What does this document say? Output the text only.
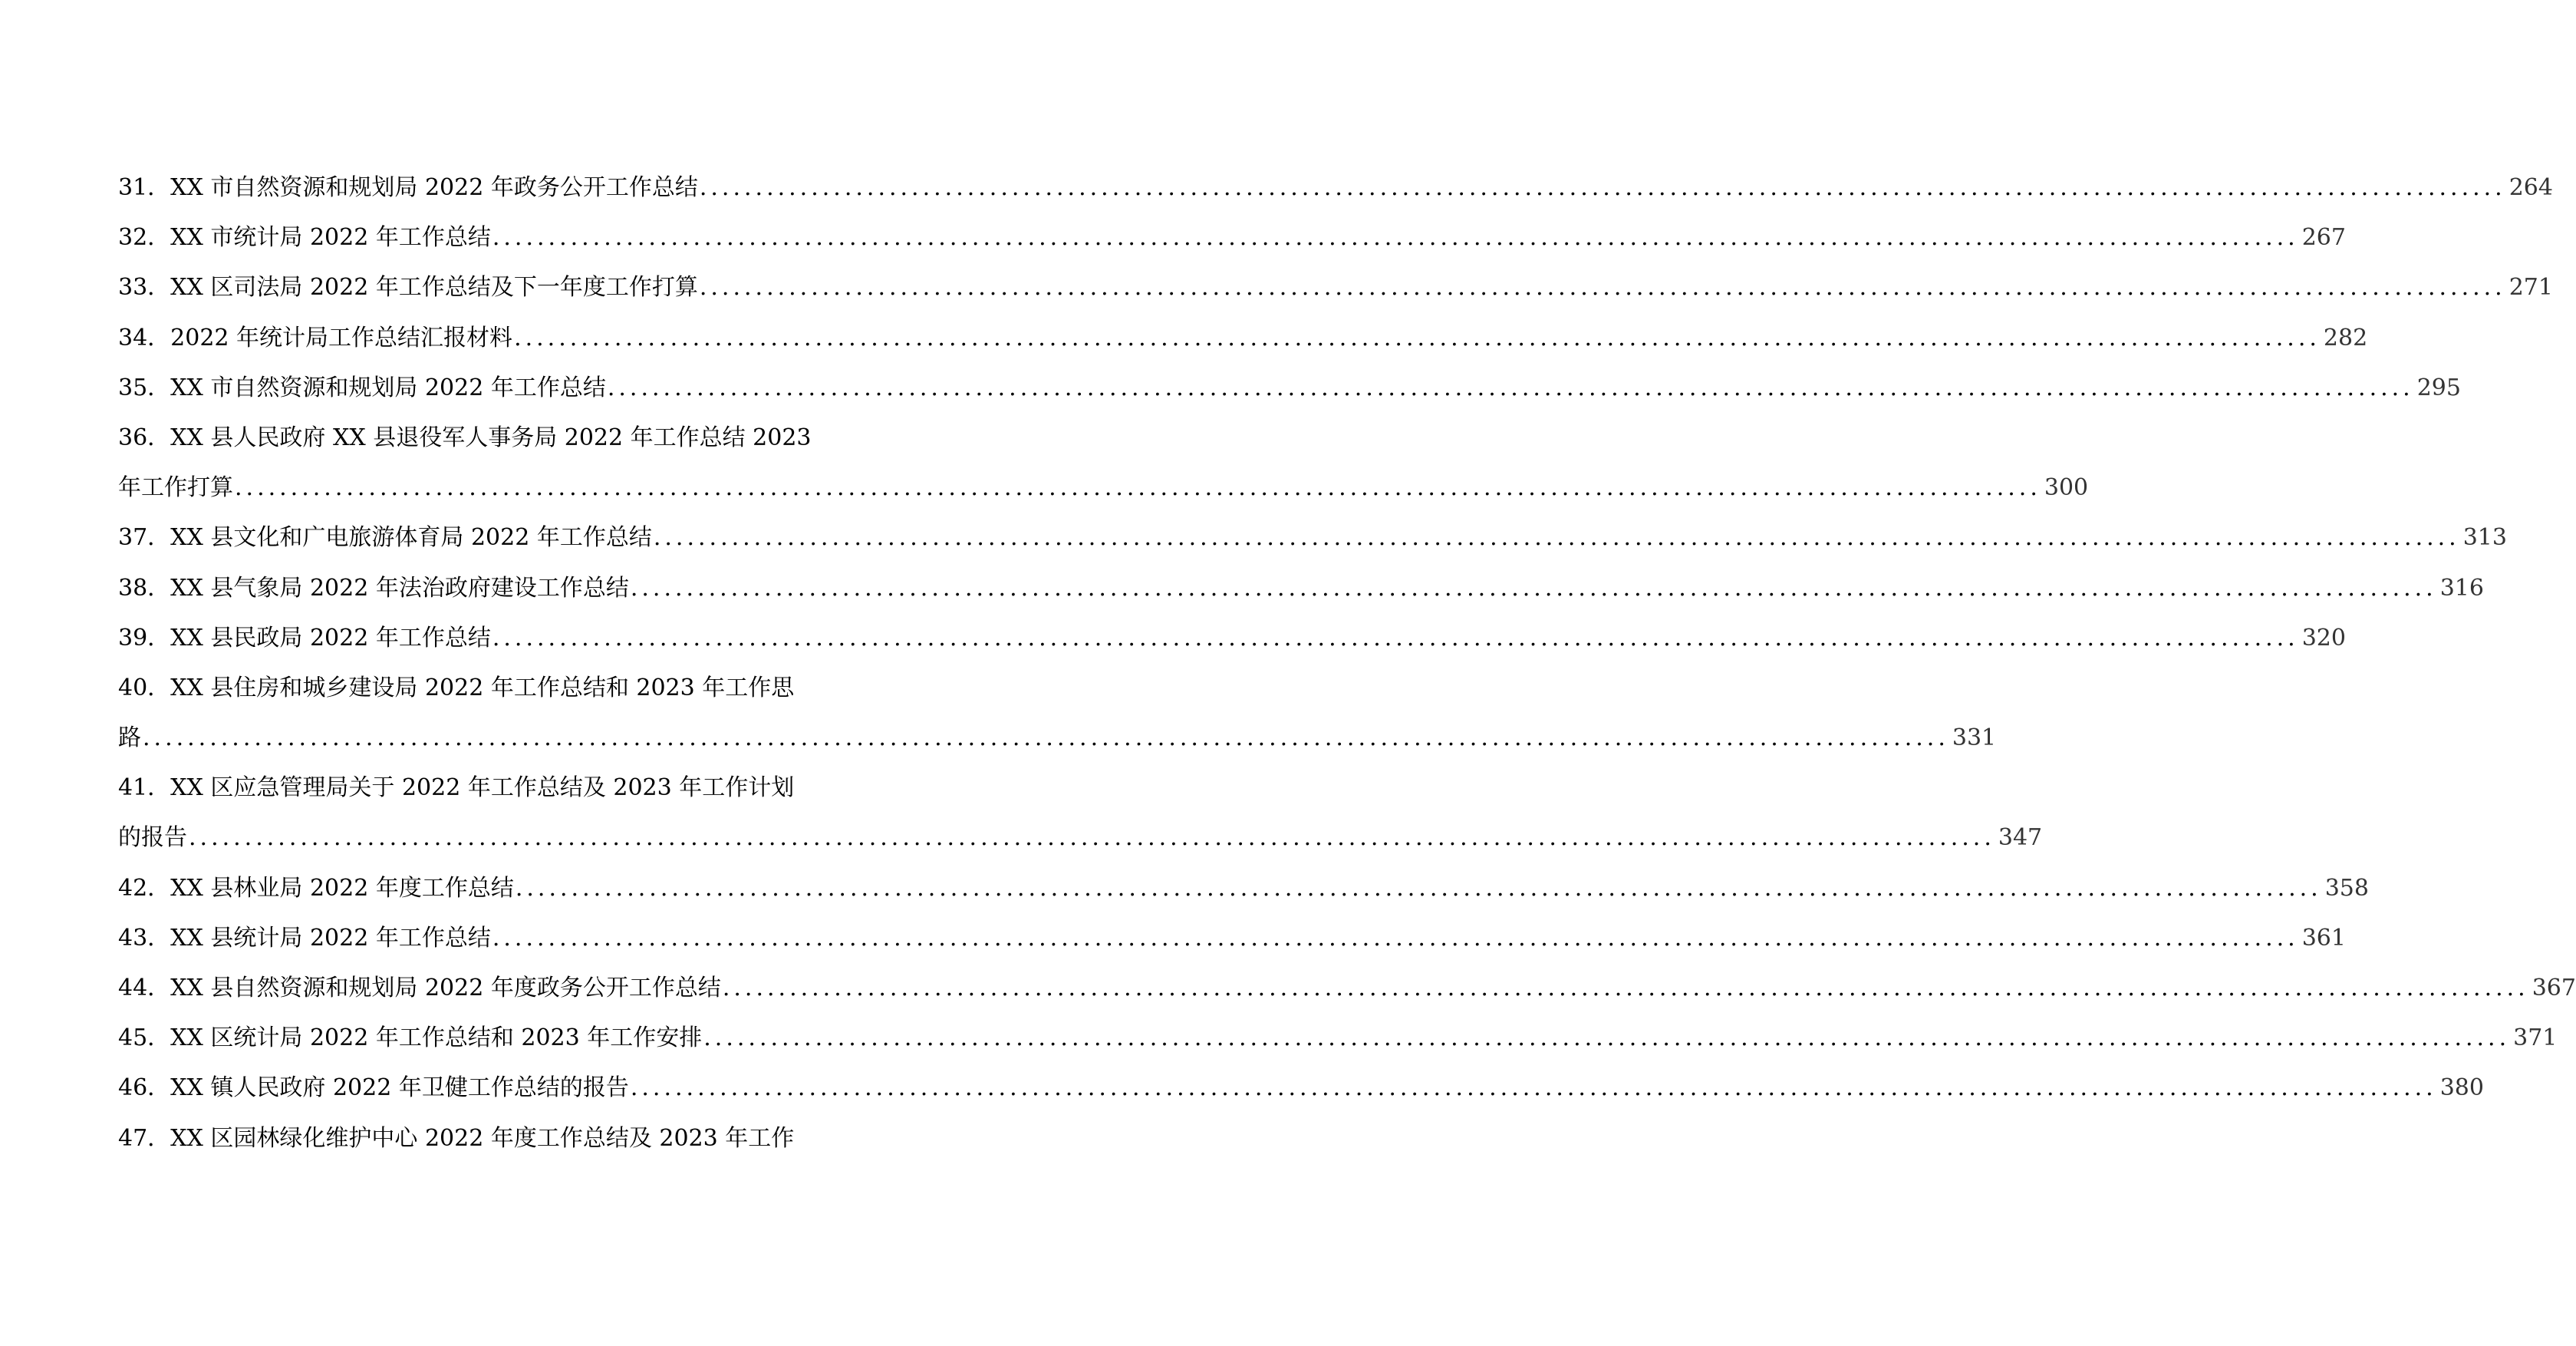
31．XX 市自然资源和规划局 2022 年政务公开工作总结 .....	264
32．XX 市统计局 2022 年工作总结 .....	267
33．XX 区司法局 2022 年工作总结及下一年度工作打算 .....	271
34．2022 年统计局工作总结汇报材料 .....	282
35．XX 市自然资源和规划局 2022 年工作总结 .....	295
36．XX 县人民政府 XX 县退役军人事务局 2022 年工作总结 2023
年工作打算 .....	300
37．XX 县文化和广电旅游体育局 2022 年工作总结 .....	313
38．XX 县气象局 2022 年法治政府建设工作总结 .....	316
39．XX 县民政局 2022 年工作总结 .....	320
40．XX 县住房和城乡建设局 2022 年工作总结和 2023 年工作思
路 .....	331
41．XX 区应急管理局关于 2022 年工作总结及 2023 年工作计划
的报告 .....	347
42．XX 县林业局 2022 年度工作总结 .....	358
43．XX 县统计局 2022 年工作总结 .....	361
44．XX 县自然资源和规划局 2022 年度政务公开工作总结 .....	367
45．XX 区统计局 2022 年工作总结和 2023 年工作安排 .....	371
46．XX 镇人民政府 2022 年卫健工作总结的报告 .....	380
47．XX 区园林绿化维护中心 2022 年度工作总结及 2023 年工作
